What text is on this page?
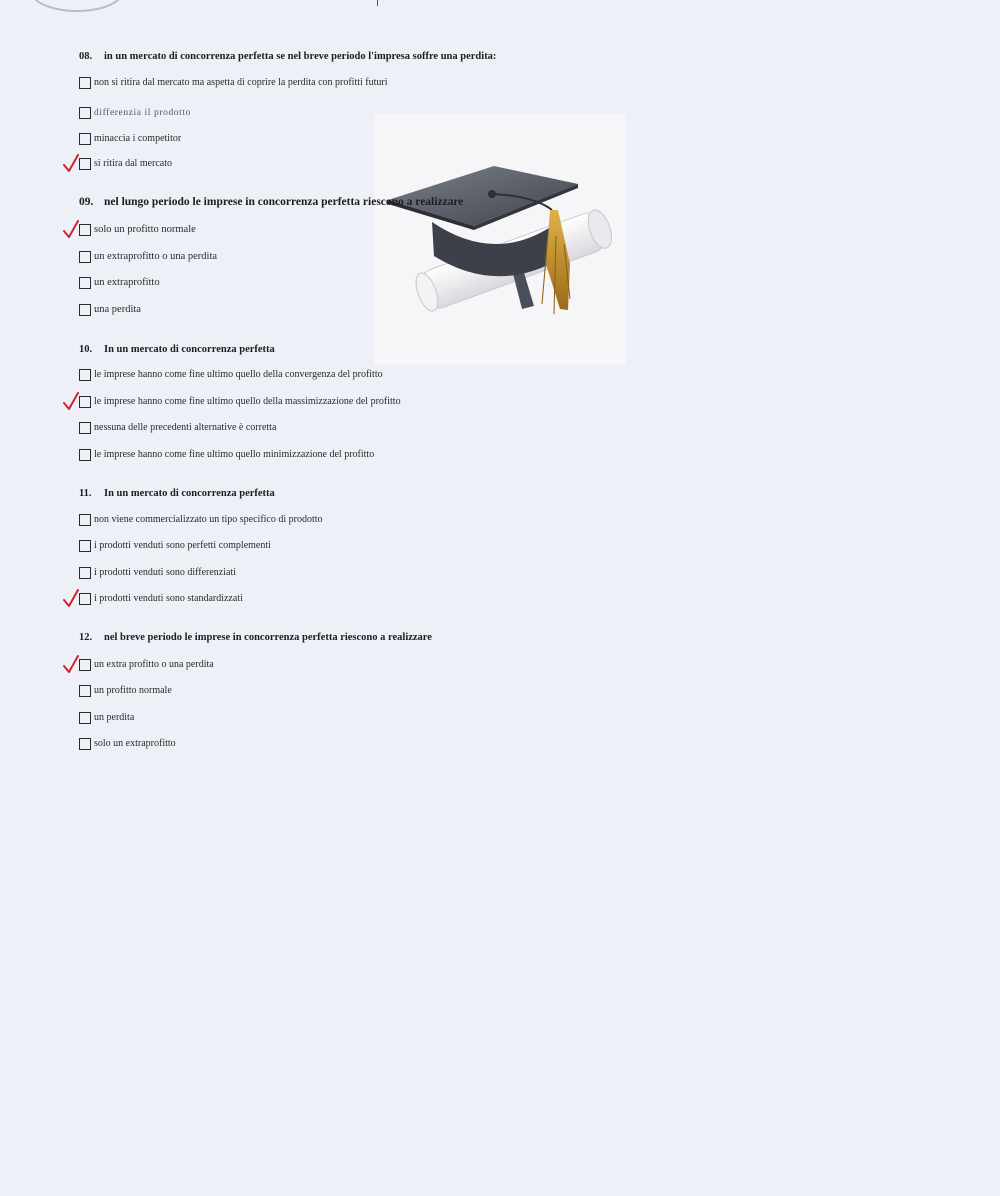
08. in un mercato di concorrenza perfetta se nel breve periodo l'impresa soffre una perdita:
non si ritira dal mercato ma aspetta di coprire la perdita con profitti futuri
differenzia il prodotto
minaccia i competitor
si ritira dal mercato
09. nel lungo periodo le imprese in concorrenza perfetta riescono a realizzare
solo un profitto normale
un extraprofitto o una perdita
un extraprofitto
una perdita
10. In un mercato di concorrenza perfetta
le imprese hanno come fine ultimo quello della convergenza del profitto
le imprese hanno come fine ultimo quello della massimizzazione del profitto
nessuna delle precedenti alternative è corretta
le imprese hanno come fine ultimo quello minimizzazione del profitto
11. In un mercato di concorrenza perfetta
non viene commercializzato un tipo specifico di prodotto
i prodotti venduti sono perfetti complementi
i prodotti venduti sono differenziati
i prodotti venduti sono standardizzati
12. nel breve periodo le imprese in concorrenza perfetta riescono a realizzare
un extra profitto o una perdita
un profitto normale
un perdita
solo un extraprofitto
